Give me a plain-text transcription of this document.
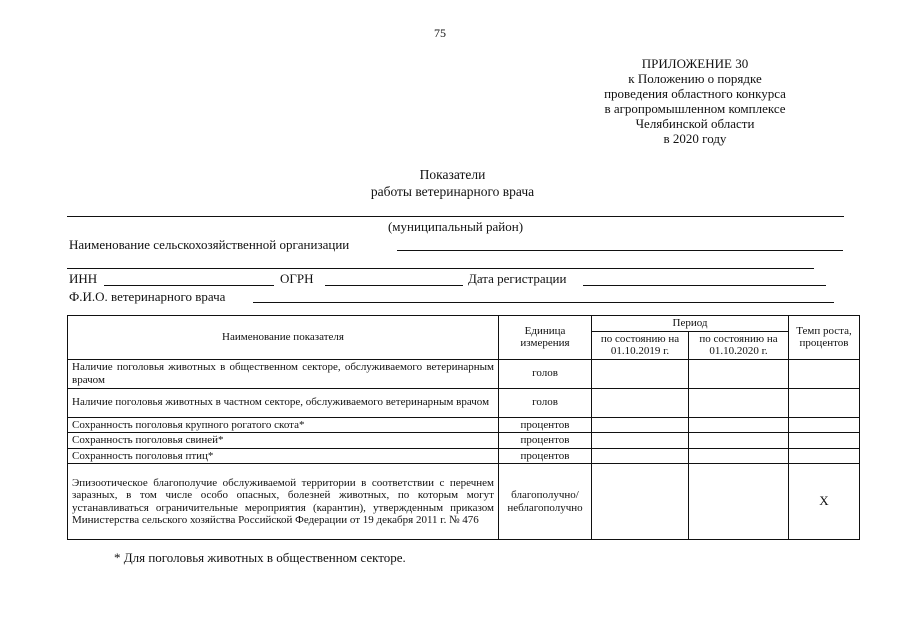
75
ПРИЛОЖЕНИЕ 30
к Положению о порядке
проведения областного конкурса
в агропромышленном комплексе
Челябинской области
в 2020 году
Показатели
работы ветеринарного врача
(муниципальный район)
Наименование сельскохозяйственной организации
ИНН	ОГРН	Дата регистрации
Ф.И.О. ветеринарного врача
Наименование показателя	Единица измерения	Период		Темп роста, процентов
		по состоянию на 01.10.2019 г.	по состоянию на 01.10.2020 г.	
Наличие поголовья животных в общественном секторе, обслуживаемого ветеринарным врачом	голов			
Наличие поголовья животных в частном секторе, обслуживаемого ветеринарным врачом	голов			
Сохранность поголовья крупного рогатого скота*	процентов			
Сохранность поголовья свиней*	процентов			
Сохранность поголовья птиц*	процентов			
Эпизоотическое благополучие обслуживаемой территории в соответствии с перечнем заразных, в том числе особо опасных, болезней животных, по которым могут устанавливаться ограничительные мероприятия (карантин), утвержденным приказом Министерства сельского хозяйства Российской Федерации от 19 декабря 2011 г. № 476	благополучно/ неблагополучно			X
* Для поголовья животных в общественном секторе.
